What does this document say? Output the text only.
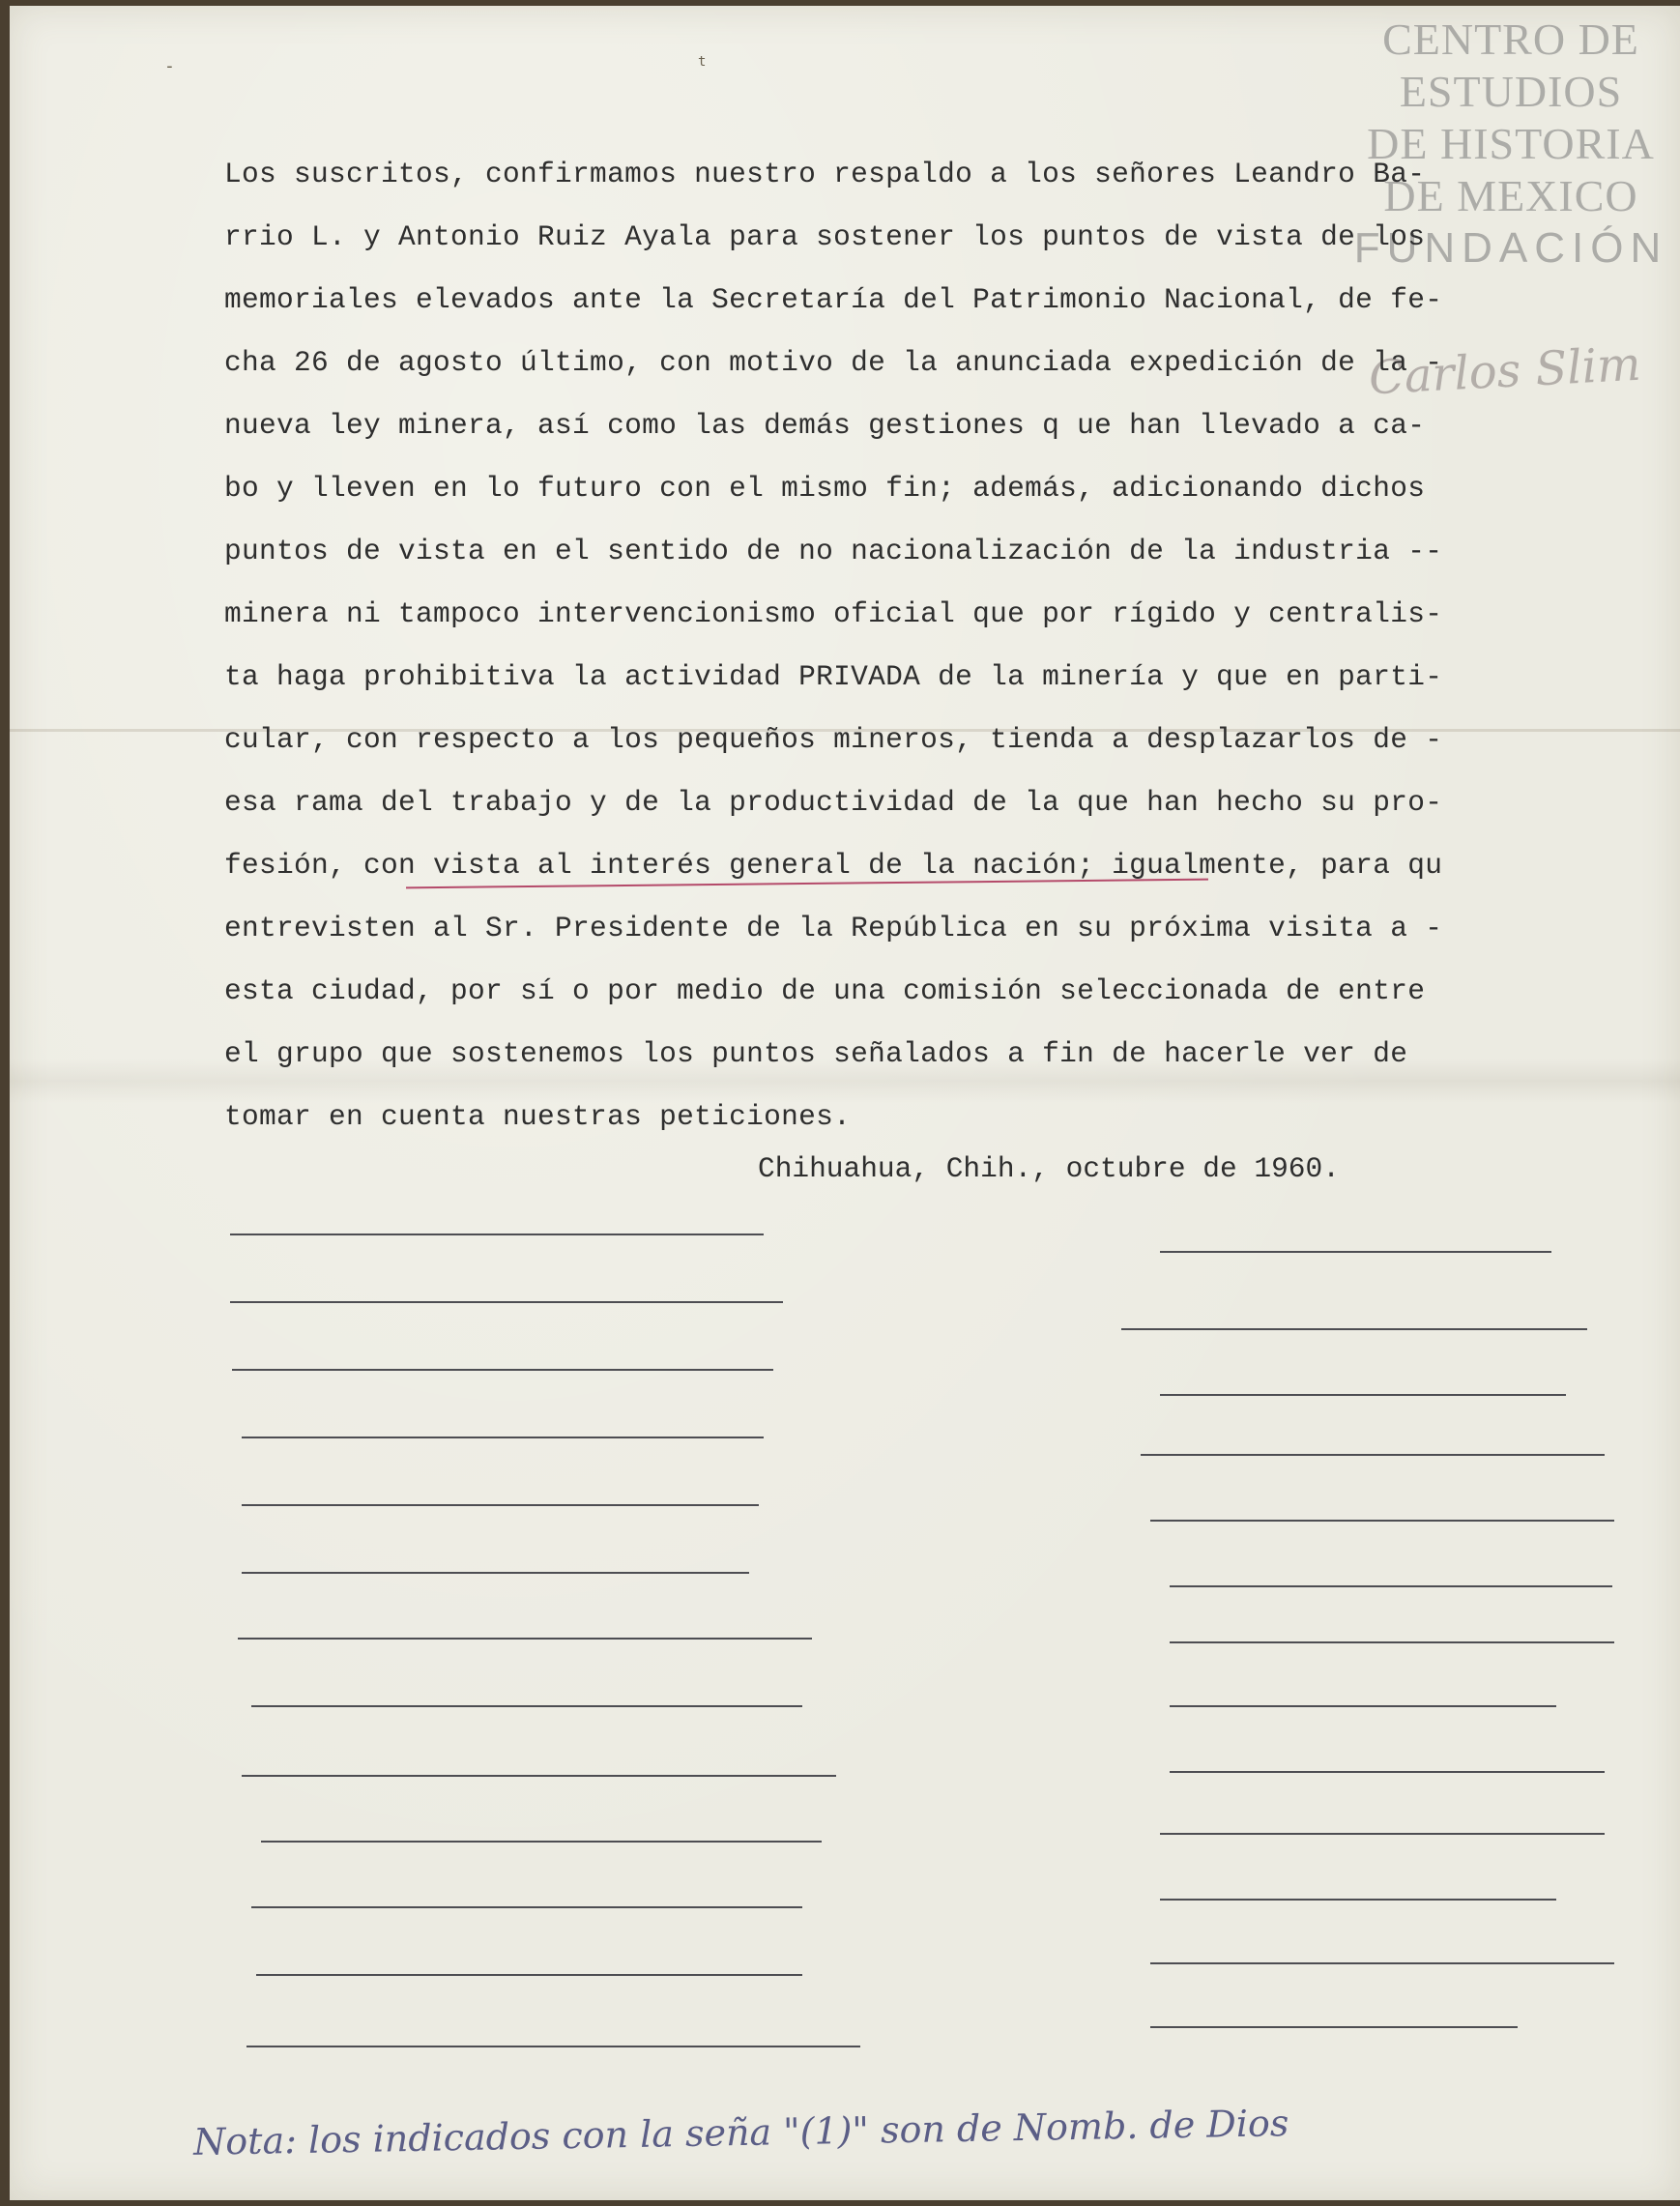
-	t	CENTRO DE
ESTUDIOS
DE HISTORIA
DE MEXICO
FUNDACIÓN
Carlos Slim
Los suscritos, confirmamos nuestro respaldo a los señores Leandro Ba-
rrio L. y Antonio Ruiz Ayala para sostener los puntos de vista de los
memoriales elevados ante la Secretaría del Patrimonio Nacional, de fe-
cha 26 de agosto último, con motivo de la anunciada expedición de la -
nueva ley minera, así como las demás gestiones q ue han llevado a ca-
bo y lleven en lo futuro con el mismo fin; además, adicionando dichos
puntos de vista en el sentido de no nacionalización de la industria --
minera ni tampoco intervencionismo oficial que por rígido y centralis-
ta haga prohibitiva la actividad PRIVADA de la minería y que en parti-
cular, con respecto a los pequeños mineros, tienda a desplazarlos de -
esa rama del trabajo y de la productividad de la que han hecho su pro-
fesión, con vista al interés general de la nación; igualmente, para qu
entrevisten al Sr. Presidente de la República en su próxima visita a -
esta ciudad, por sí o por medio de una comisión seleccionada de entre
el grupo que sostenemos los puntos señalados a fin de hacerle ver de
tomar en cuenta nuestras peticiones.
Chihuahua, Chih., octubre de 1960.
Nota: los indicados con la seña "(1)" son de Nomb. de Dios
